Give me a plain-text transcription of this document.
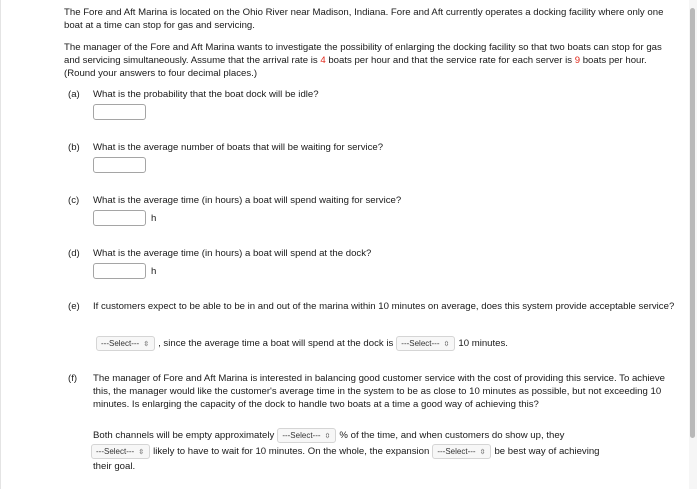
The Fore and Aft Marina is located on the Ohio River near Madison, Indiana. Fore and Aft currently operates a docking facility where only one boat at a time can stop for gas and servicing.

The manager of the Fore and Aft Marina wants to investigate the possibility of enlarging the docking facility so that two boats can stop for gas and servicing simultaneously. Assume that the arrival rate is 4 boats per hour and that the service rate for each server is 9 boats per hour. (Round your answers to four decimal places.)

(a)	What is the probability that the boat dock will be idle?
(b)	What is the average number of boats that will be waiting for service?
(c)	What is the average time (in hours) a boat will spend waiting for service?
h
(d)	What is the average time (in hours) a boat will spend at the dock?
h
(e)	If customers expect to be able to be in and out of the marina within 10 minutes on average, does this system provide acceptable service?
---Select--- ⇳ , since the average time a boat will spend at the dock is ---Select--- ⇳ 10 minutes.
(f)	The manager of Fore and Aft Marina is interested in balancing good customer service with the cost of providing this service. To achieve this, the manager would like the customer's average time in the system to be as close to 10 minutes as possible, but not exceeding 10 minutes. Is enlarging the capacity of the dock to handle two boats at a time a good way of achieving this?
Both channels will be empty approximately ---Select--- ⇳ % of the time, and when customers do show up, they
---Select--- ⇳ likely to have to wait for 10 minutes. On the whole, the expansion ---Select--- ⇳ be best way of achieving
their goal.
